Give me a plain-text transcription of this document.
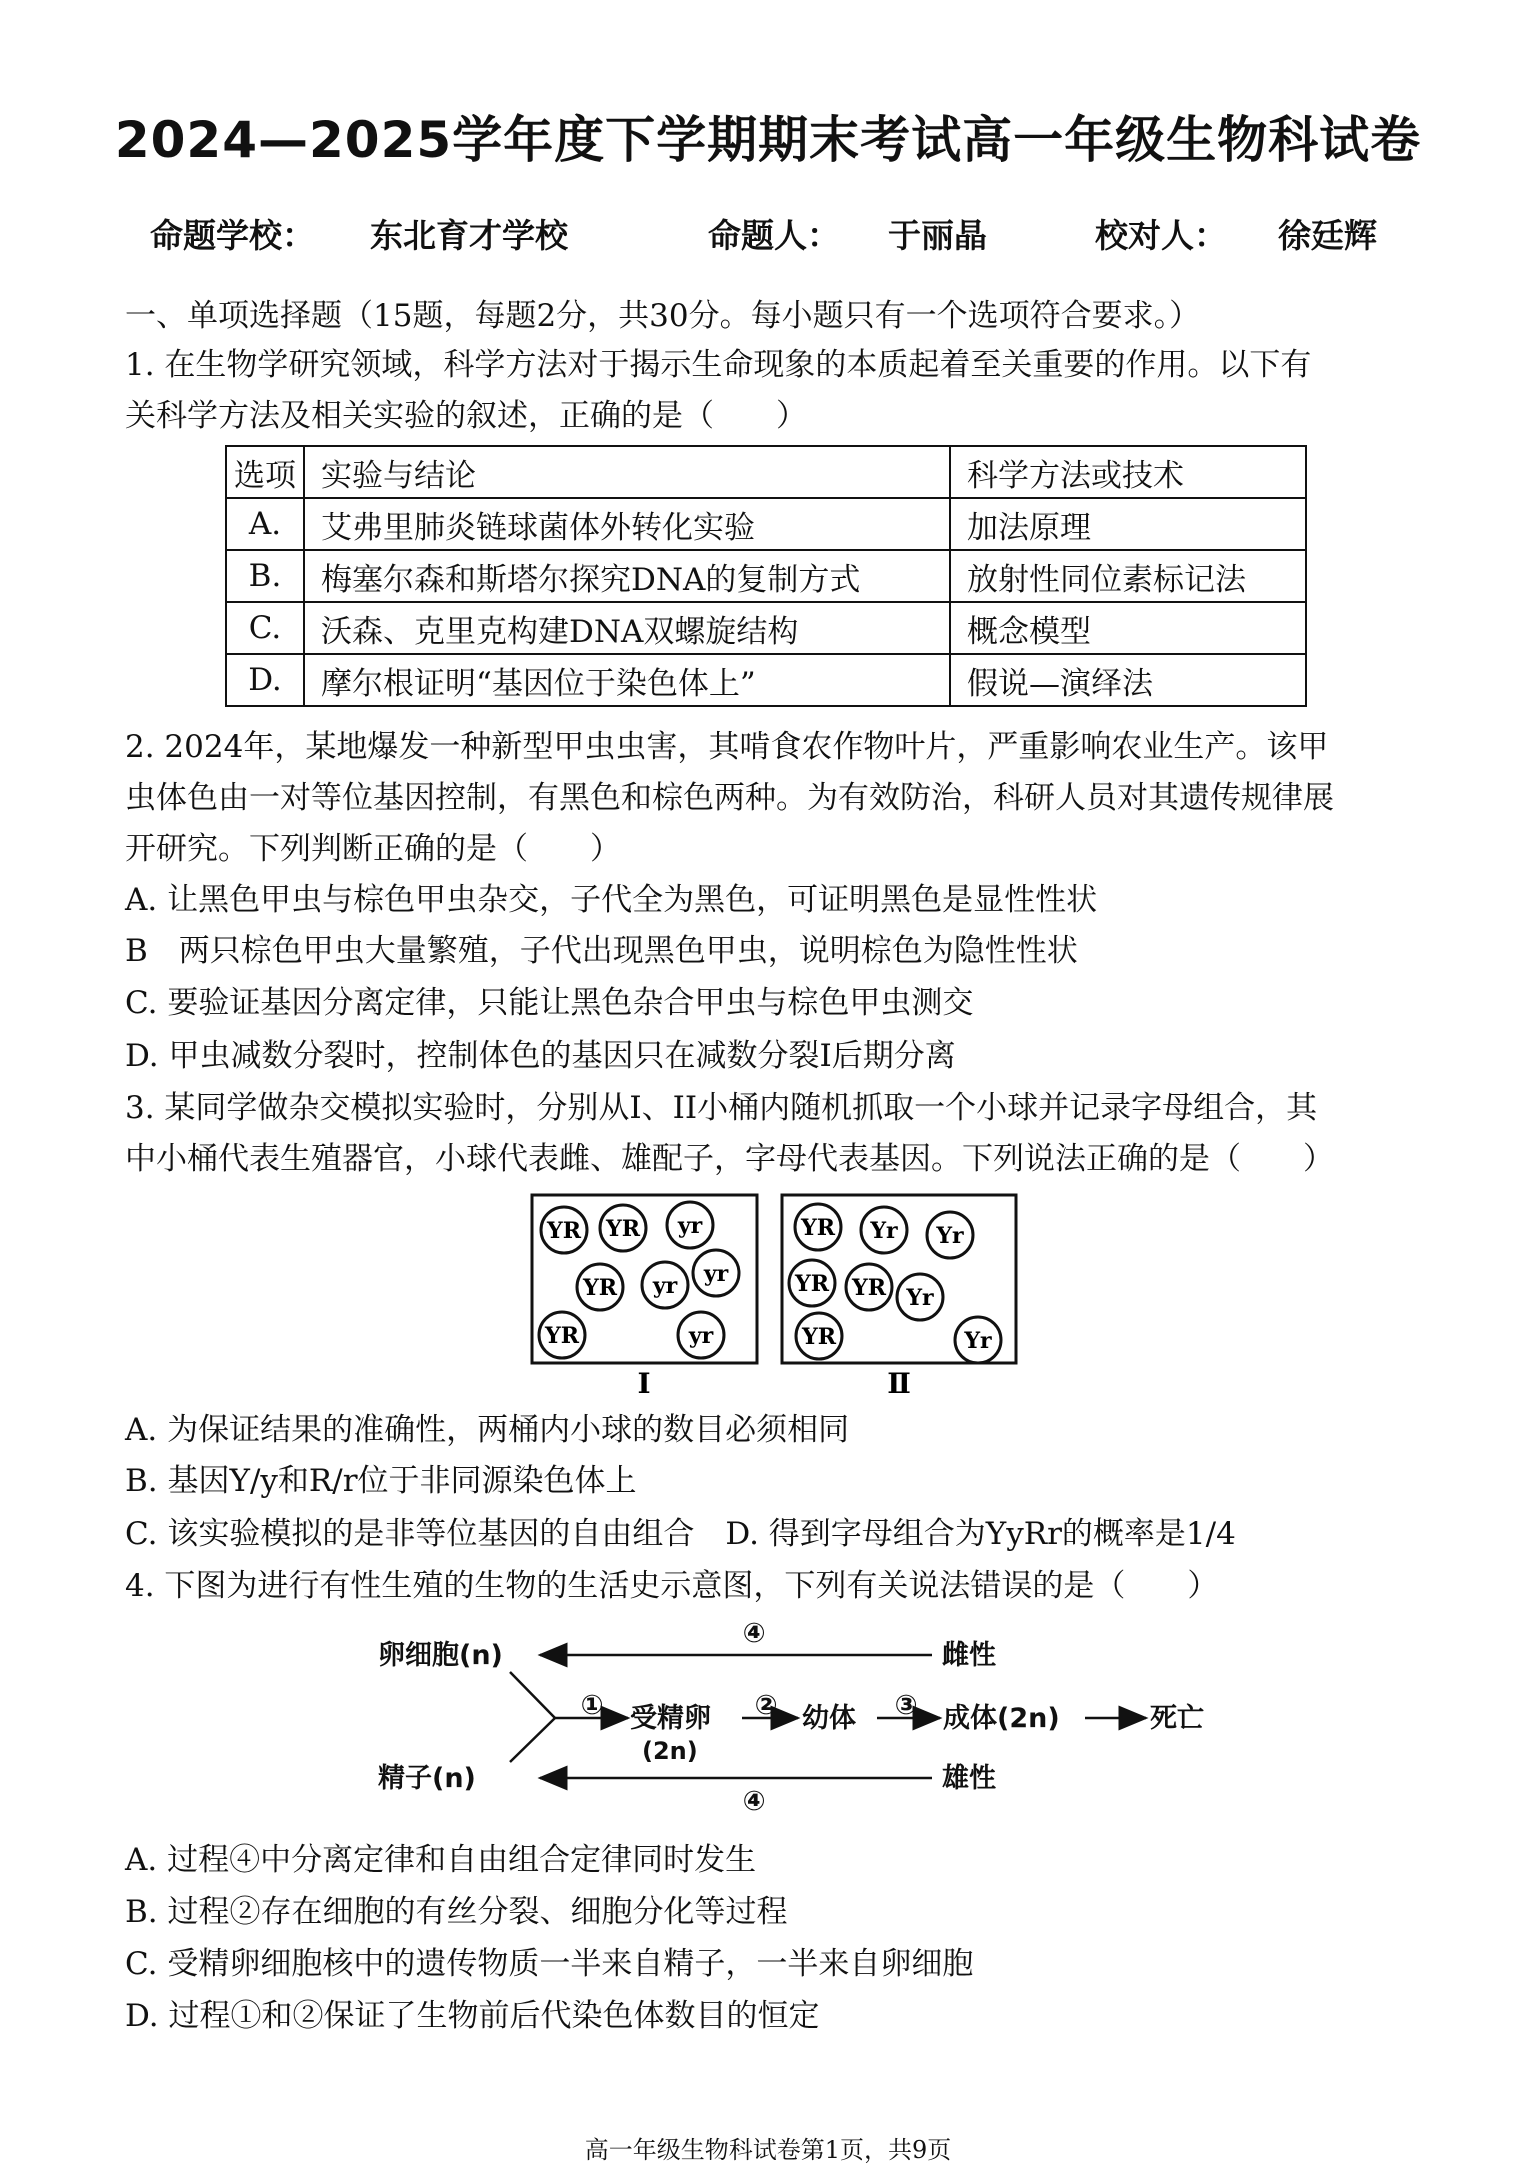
2024—2025学年度下学期期末考试高一年级生物科试卷
命题学校： 东北育才学校	命题人： 于丽晶	校对人： 徐廷辉
一、单项选择题（15题，每题2分，共30分。每小题只有一个选项符合要求。）
1. 在生物学研究领域，科学方法对于揭示生命现象的本质起着至关重要的作用。以下有
关科学方法及相关实验的叙述，正确的是（　　）
选项	实验与结论	科学方法或技术
A.	艾弗里肺炎链球菌体外转化实验	加法原理
B.	梅塞尔森和斯塔尔探究DNA的复制方式	放射性同位素标记法
C.	沃森、克里克构建DNA双螺旋结构	概念模型
D.	摩尔根证明“基因位于染色体上”	假说—演绎法
2. 2024年，某地爆发一种新型甲虫虫害，其啃食农作物叶片，严重影响农业生产。该甲
虫体色由一对等位基因控制，有黑色和棕色两种。为有效防治，科研人员对其遗传规律展
开研究。下列判断正确的是（　　）
A. 让黑色甲虫与棕色甲虫杂交，子代全为黑色，可证明黑色是显性性状
B　两只棕色甲虫大量繁殖，子代出现黑色甲虫，说明棕色为隐性性状
C. 要验证基因分离定律，只能让黑色杂合甲虫与棕色甲虫测交
D. 甲虫减数分裂时，控制体色的基因只在减数分裂I后期分离
3. 某同学做杂交模拟实验时，分别从I、II小桶内随机抓取一个小球并记录字母组合，其
中小桶代表生殖器官，小球代表雌、雄配子，字母代表基因。下列说法正确的是（　　）
YR YR yr
YR yr yr
YR	yr
I
YR Yr Yr
YR YR Yr
YR	Yr
Ⅱ
A. 为保证结果的准确性，两桶内小球的数目必须相同
B. 基因Y/y和R/r位于非同源染色体上
C. 该实验模拟的是非等位基因的自由组合　D. 得到字母组合为YyRr的概率是1/4
4. 下图为进行有性生殖的生物的生活史示意图，下列有关说法错误的是（　　）
卵细胞(n)
精子(n)
雌性
雄性
④
④
① 受精卵
(2n)
② 幼体 ③ 成体(2n)	死亡
A. 过程④中分离定律和自由组合定律同时发生
B. 过程②存在细胞的有丝分裂、细胞分化等过程
C. 受精卵细胞核中的遗传物质一半来自精子，一半来自卵细胞
D. 过程①和②保证了生物前后代染色体数目的恒定
高一年级生物科试卷第1页，共9页
